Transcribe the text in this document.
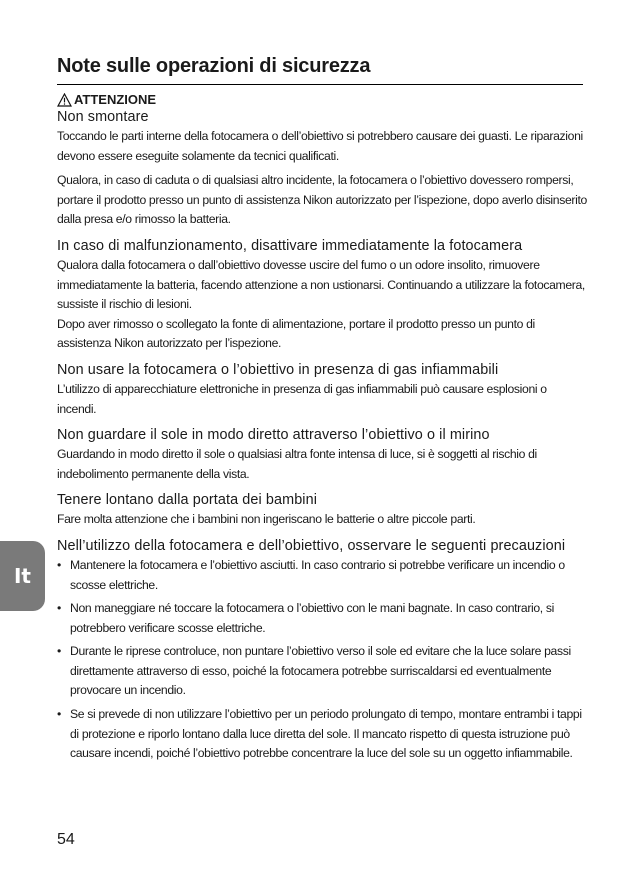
Note sulle operazioni di sicurezza
ATTENZIONE
Non smontare

Toccando le parti interne della fotocamera o dell’obiettivo si potrebbero causare dei guasti. Le riparazioni devono essere eseguite solamente da tecnici qualificati.

Qualora, in caso di caduta o di qualsiasi altro incidente, la fotocamera o l’obiettivo dovessero rompersi, portare il prodotto presso un punto di assistenza Nikon autorizzato per l’ispezione, dopo averlo disinserito dalla presa e/o rimosso la batteria.

In caso di malfunzionamento, disattivare immediatamente la fotocamera

Qualora dalla fotocamera o dall’obiettivo dovesse uscire del fumo o un odore insolito, rimuovere immediatamente la batteria, facendo attenzione a non ustionarsi. Continuando a utilizzare la fotocamera, sussiste il rischio di lesioni.

Dopo aver rimosso o scollegato la fonte di alimentazione, portare il prodotto presso un punto di assistenza Nikon autorizzato per l’ispezione.

Non usare la fotocamera o l’obiettivo in presenza di gas infiammabili

L’utilizzo di apparecchiature elettroniche in presenza di gas infiammabili può causare esplosioni o incendi.

Non guardare il sole in modo diretto attraverso l’obiettivo o il mirino

Guardando in modo diretto il sole o qualsiasi altra fonte intensa di luce, si è soggetti al rischio di indebolimento permanente della vista.

Tenere lontano dalla portata dei bambini

Fare molta attenzione che i bambini non ingeriscano le batterie o altre piccole parti.

Nell’utilizzo della fotocamera e dell’obiettivo, osservare le seguenti precauzioni
• Mantenere la fotocamera e l’obiettivo asciutti. In caso contrario si potrebbe verificare un incendio o scosse elettriche.
• Non maneggiare né toccare la fotocamera o l’obiettivo con le mani bagnate. In caso contrario, si potrebbero verificare scosse elettriche.
• Durante le riprese controluce, non puntare l’obiettivo verso il sole ed evitare che la luce solare passi direttamente attraverso di esso, poiché la fotocamera potrebbe surriscaldarsi ed eventualmente provocare un incendio.
• Se si prevede di non utilizzare l’obiettivo per un periodo prolungato di tempo, montare entrambi i tappi di protezione e riporlo lontano dalla luce diretta del sole. Il mancato rispetto di questa istruzione può causare incendi, poiché l’obiettivo potrebbe concentrare la luce del sole su un oggetto infiammabile.
It
54
